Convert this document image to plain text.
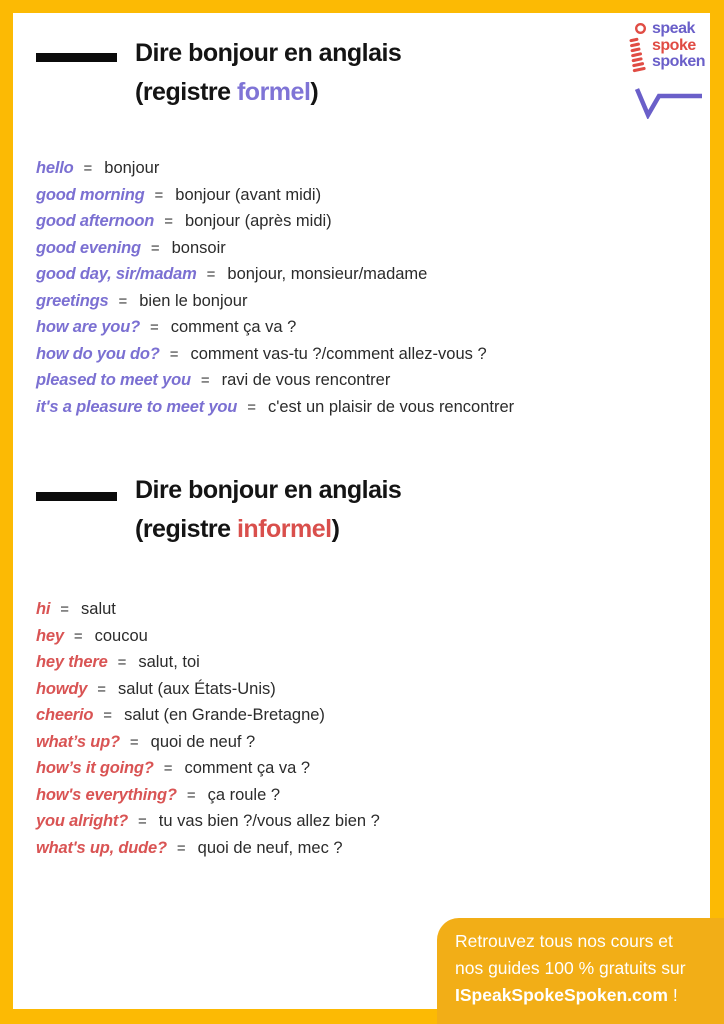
speak
spoke
spoken
Dire bonjour en anglais
(registre formel)
hello = bonjour
good morning = bonjour (avant midi)
good afternoon = bonjour (après midi)
good evening = bonsoir
good day, sir/madam = bonjour, monsieur/madame
greetings = bien le bonjour
how are you? = comment ça va ?
how do you do? = comment vas-tu ?/comment allez-vous ?
pleased to meet you = ravi de vous rencontrer
it's a pleasure to meet you = c'est un plaisir de vous rencontrer
Dire bonjour en anglais
(registre informel)
hi = salut
hey = coucou
hey there = salut, toi
howdy = salut (aux États-Unis)
cheerio = salut (en Grande-Bretagne)
what’s up? = quoi de neuf ?
how’s it going? = comment ça va ?
how's everything? = ça roule ?
you alright? = tu vas bien ?/vous allez bien ?
what's up, dude? = quoi de neuf, mec ?
Retrouvez tous nos cours et
nos guides 100 % gratuits sur
ISpeakSpokeSpoken.com !
